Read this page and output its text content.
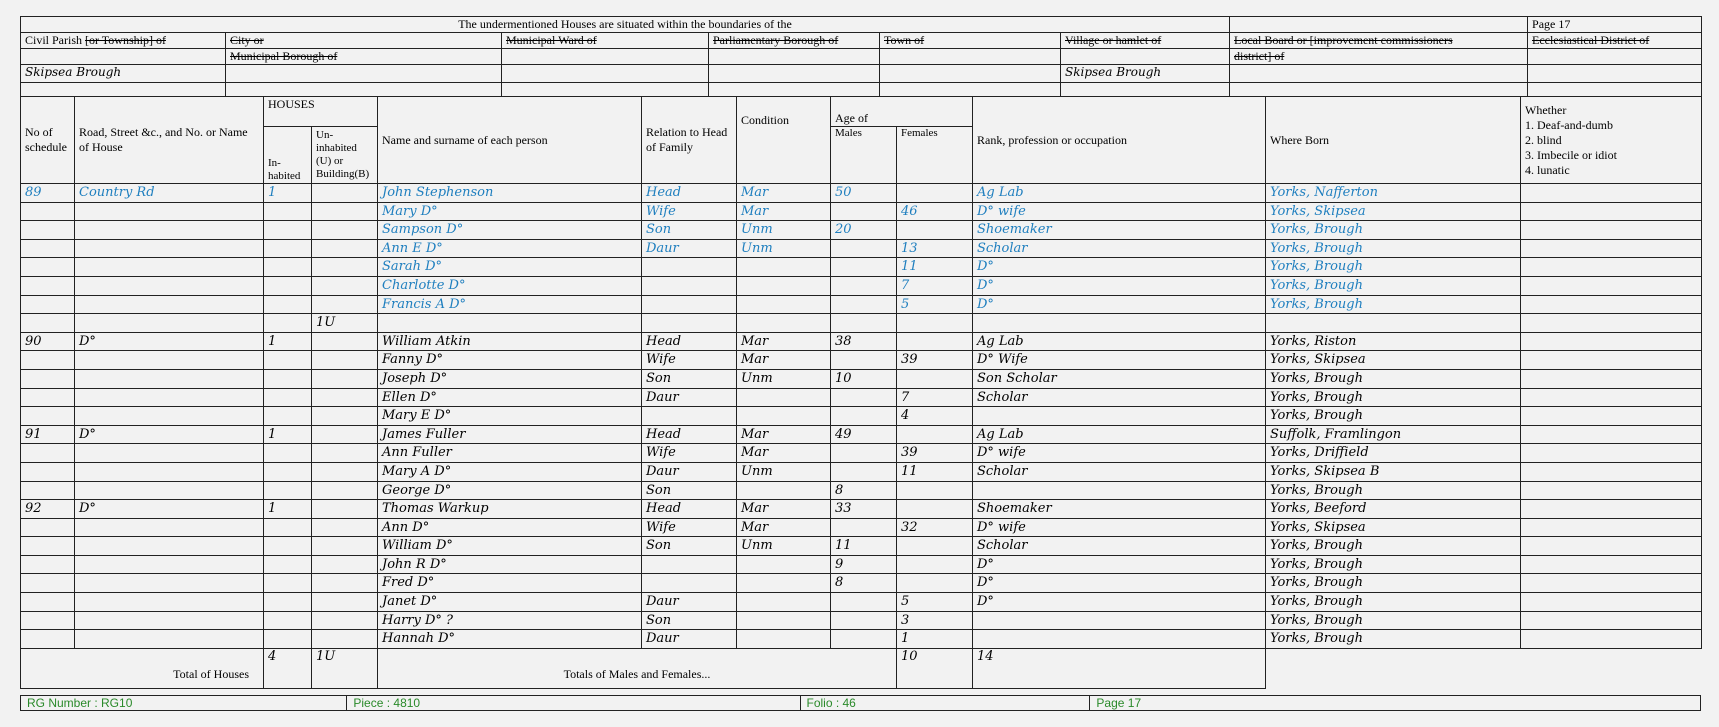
The undermentioned Houses are situated within the boundaries of the							Page 17
Civil Parish [or Township] of	City or	Municipal Ward of	Parliamentary Borough of	Town of	Village or hamlet of	Local Board or [improvement commissioners	Ecclesiastical District of
	Municipal Borough of					district] of	
Skipsea Brough					Skipsea Brough		

No of schedule	Road, Street &c., and No. or Name of House	HOUSES		Name and surname of each person	Relation to Head of Family	Condition	Age of		Rank, profession or occupation	Where Born	Whether
1. Deaf-and-dumb
2. blind
3. Imbecile or idiot
4. lunatic

		In- habited	Un- inhabited (U) or Building(B)				Males	Females			
89	Country Rd	1		John Stephenson	Head	Mar	50		Ag Lab	Yorks, Nafferton	
				Mary D°	Wife	Mar		46	D° wife	Yorks, Skipsea	
				Sampson D°	Son	Unm	20		Shoemaker	Yorks, Brough	
				Ann E D°	Daur	Unm		13	Scholar	Yorks, Brough	
				Sarah D°				11	D°	Yorks, Brough	
				Charlotte D°				7	D°	Yorks, Brough	
				Francis A D°				5	D°	Yorks, Brough	
			1U								
90	D°	1		William Atkin	Head	Mar	38		Ag Lab	Yorks, Riston	
				Fanny D°	Wife	Mar		39	D° Wife	Yorks, Skipsea	
				Joseph D°	Son	Unm	10		Son Scholar	Yorks, Brough	
				Ellen D°	Daur			7	Scholar	Yorks, Brough	
				Mary E D°				4		Yorks, Brough	
91	D°	1		James Fuller	Head	Mar	49		Ag Lab	Suffolk, Framlingon	
				Ann Fuller	Wife	Mar		39	D° wife	Yorks, Driffield	
				Mary A D°	Daur	Unm		11	Scholar	Yorks, Skipsea B	
				George D°	Son		8			Yorks, Brough	
92	D°	1		Thomas Warkup	Head	Mar	33		Shoemaker	Yorks, Beeford	
				Ann D°	Wife	Mar		32	D° wife	Yorks, Skipsea	
				William D°	Son	Unm	11		Scholar	Yorks, Brough	
				John R D°			9		D°	Yorks, Brough	
				Fred D°			8		D°	Yorks, Brough	
				Janet D°	Daur			5	D°	Yorks, Brough	
				Harry D° ?	Son			3		Yorks, Brough	
				Hannah D°	Daur			1		Yorks, Brough	
Total of Houses		4	1U	Totals of Males and Females...				10	14		
RG Number : RG10	Piece : 4810	Folio : 46	Page 17
